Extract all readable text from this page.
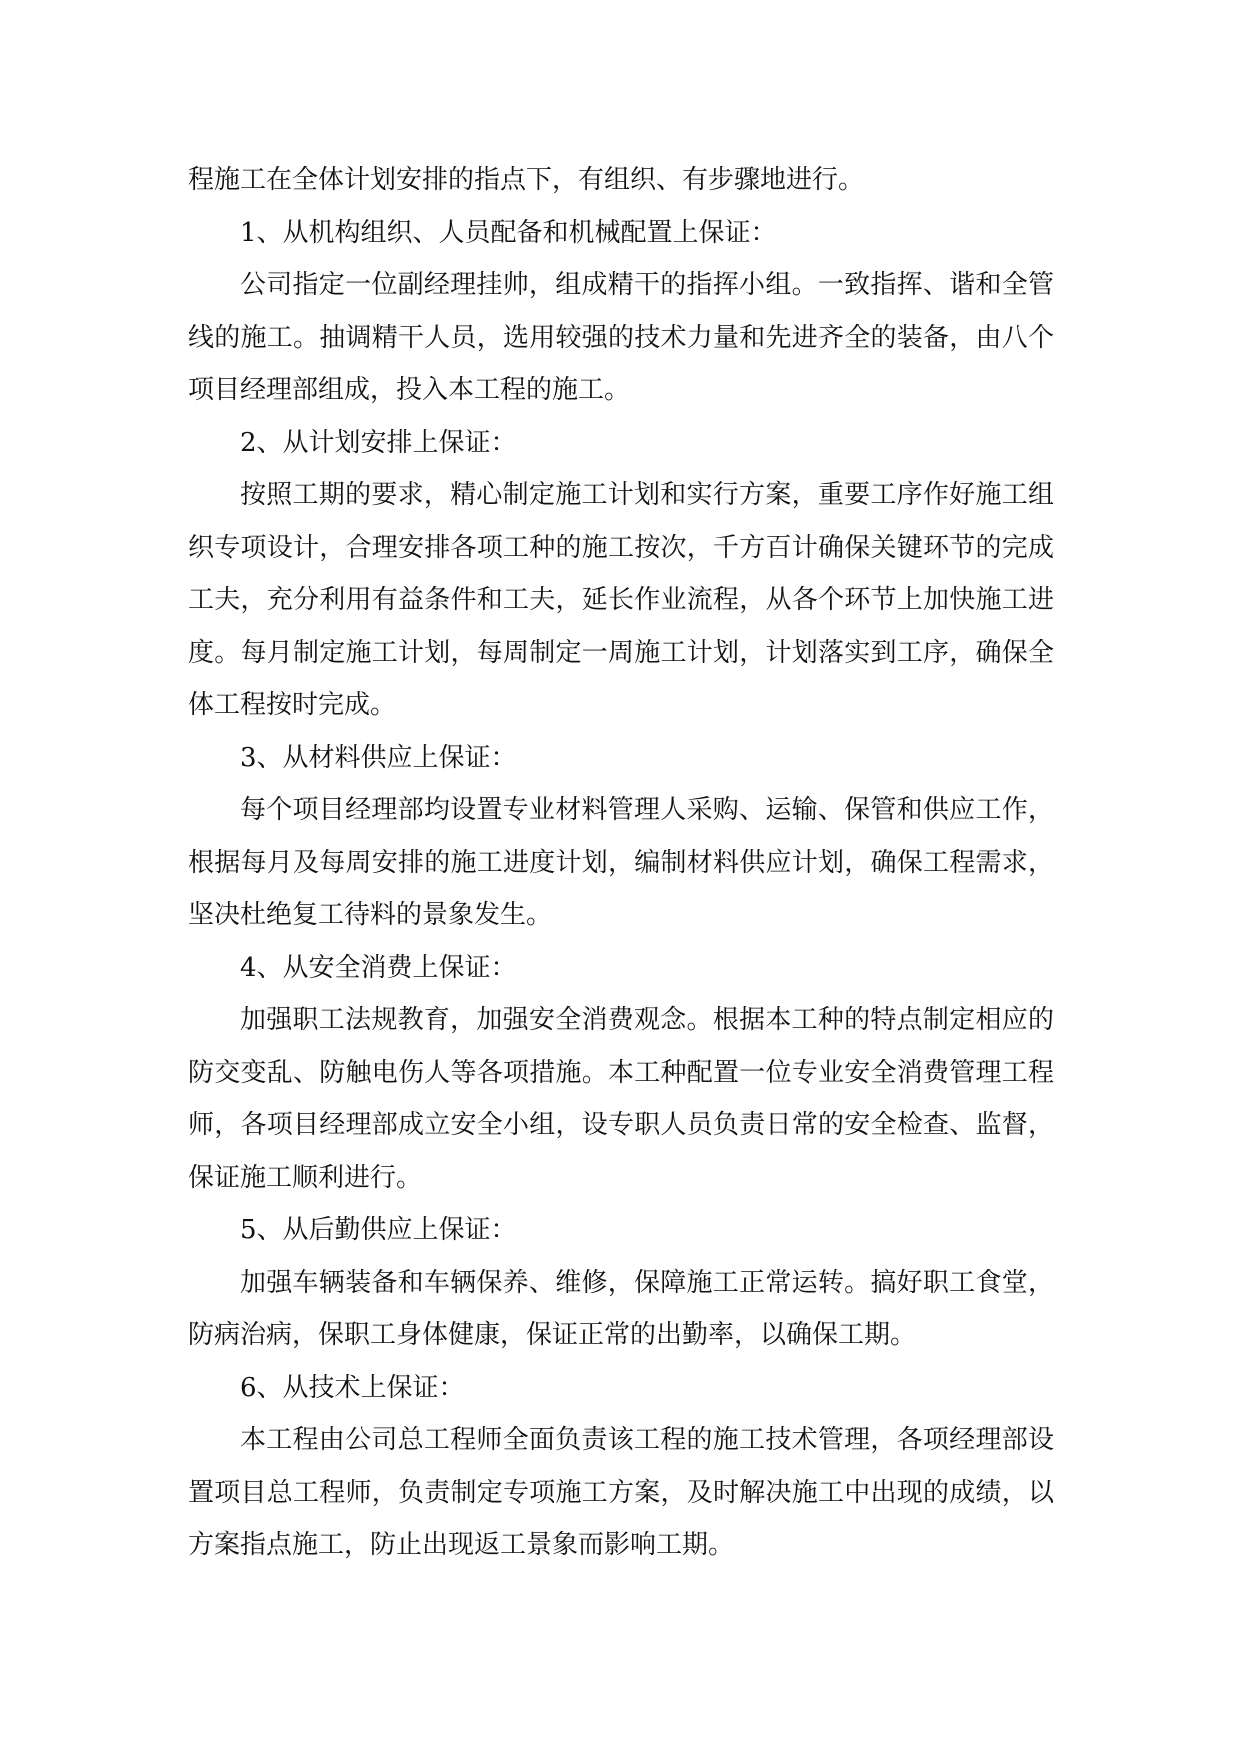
程施工在全体计划安排的指点下，有组织、有步骤地进行。

1、从机构组织、人员配备和机械配置上保证：

公司指定一位副经理挂帅，组成精干的指挥小组。一致指挥、谐和全管线的施工。抽调精干人员，选用较强的技术力量和先进齐全的装备，由八个项目经理部组成，投入本工程的施工。

2、从计划安排上保证：

按照工期的要求，精心制定施工计划和实行方案，重要工序作好施工组织专项设计，合理安排各项工种的施工按次，千方百计确保关键环节的完成工夫，充分利用有益条件和工夫，延长作业流程，从各个环节上加快施工进度。每月制定施工计划，每周制定一周施工计划，计划落实到工序，确保全体工程按时完成。

3、从材料供应上保证：

每个项目经理部均设置专业材料管理人采购、运输、保管和供应工作，根据每月及每周安排的施工进度计划，编制材料供应计划，确保工程需求，坚决杜绝复工待料的景象发生。

4、从安全消费上保证：

加强职工法规教育，加强安全消费观念。根据本工种的特点制定相应的防交变乱、防触电伤人等各项措施。本工种配置一位专业安全消费管理工程师，各项目经理部成立安全小组，设专职人员负责日常的安全检查、监督，保证施工顺利进行。

5、从后勤供应上保证：

加强车辆装备和车辆保养、维修，保障施工正常运转。搞好职工食堂，防病治病，保职工身体健康，保证正常的出勤率，以确保工期。

6、从技术上保证：

本工程由公司总工程师全面负责该工程的施工技术管理，各项经理部设置项目总工程师，负责制定专项施工方案，及时解决施工中出现的成绩，以方案指点施工，防止出现返工景象而影响工期。
